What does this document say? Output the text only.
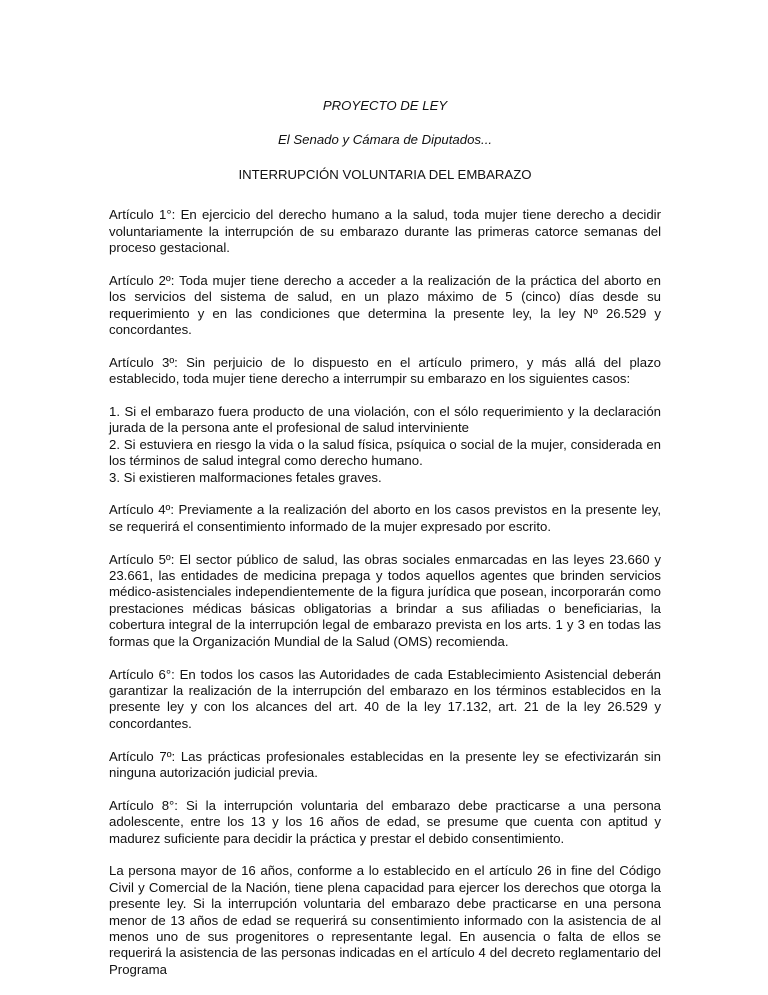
PROYECTO DE LEY

El Senado y Cámara de Diputados...

INTERRUPCIÓN VOLUNTARIA DEL EMBARAZO

Artículo 1°: En ejercicio del derecho humano a la salud, toda mujer tiene derecho a decidir voluntariamente la interrupción de su embarazo durante las primeras catorce semanas del proceso gestacional.

Artículo 2º: Toda mujer tiene derecho a acceder a la realización de la práctica del aborto en los servicios del sistema de salud, en un plazo máximo de 5 (cinco) días desde su requerimiento y en las condiciones que determina la presente ley, la ley Nº 26.529 y concordantes.

Artículo 3º: Sin perjuicio de lo dispuesto en el artículo primero, y más allá del plazo establecido, toda mujer tiene derecho a interrumpir su embarazo en los siguientes casos:

1. Si el embarazo fuera producto de una violación, con el sólo requerimiento y la declaración jurada de la persona ante el profesional de salud interviniente
2. Si estuviera en riesgo la vida o la salud física, psíquica o social de la mujer, considerada en los términos de salud integral como derecho humano.
3. Si existieren malformaciones fetales graves.

Artículo 4º: Previamente a la realización del aborto en los casos previstos en la presente ley, se requerirá el consentimiento informado de la mujer expresado por escrito.

Artículo 5º: El sector público de salud, las obras sociales enmarcadas en las leyes 23.660 y 23.661, las entidades de medicina prepaga y todos aquellos agentes que brinden servicios médico-asistenciales independientemente de la figura jurídica que posean, incorporarán como prestaciones médicas básicas obligatorias a brindar a sus afiliadas o beneficiarias, la cobertura integral de la interrupción legal de embarazo prevista en los arts. 1 y 3 en todas las formas que la Organización Mundial de la Salud (OMS) recomienda.

Artículo 6°: En todos los casos las Autoridades de cada Establecimiento Asistencial deberán garantizar la realización de la interrupción del embarazo en los términos establecidos en la presente ley y con los alcances del art. 40 de la ley 17.132, art. 21 de la ley 26.529 y concordantes.

Artículo 7º: Las prácticas profesionales establecidas en la presente ley se efectivizarán sin ninguna autorización judicial previa.

Artículo 8°: Si la interrupción voluntaria del embarazo debe practicarse a una persona adolescente, entre los 13 y los 16 años de edad, se presume que cuenta con aptitud y madurez suficiente para decidir la práctica y prestar el debido consentimiento.

La persona mayor de 16 años, conforme a lo establecido en el artículo 26 in fine del Código Civil y Comercial de la Nación, tiene plena capacidad para ejercer los derechos que otorga la presente ley. Si la interrupción voluntaria del embarazo debe practicarse en una persona menor de 13 años de edad se requerirá su consentimiento informado con la asistencia de al menos uno de sus progenitores o representante legal. En ausencia o falta de ellos se requerirá la asistencia de las personas indicadas en el artículo 4 del decreto reglamentario del Programa
